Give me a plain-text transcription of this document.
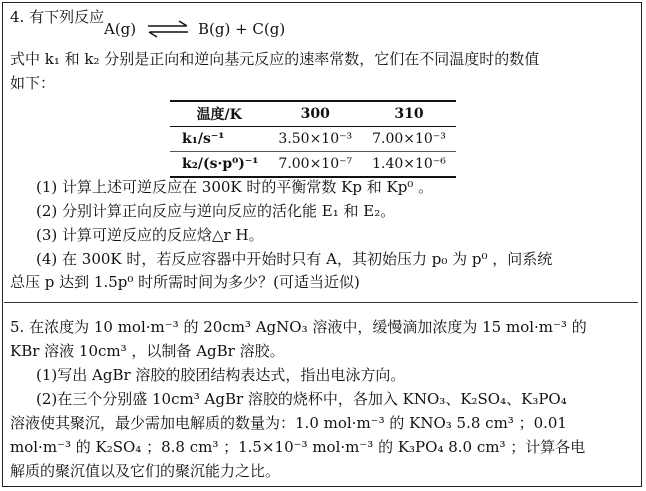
4. 有下列反应
A(g) ⇌ B(g) + C(g)
式中 k₁ 和 k₂ 分别是正向和逆向基元反应的速率常数，它们在不同温度时的数值
如下：
温度/K	300	310
k₁/s⁻¹	3.50×10⁻³	7.00×10⁻³
k₂/(s·p⁰)⁻¹	7.00×10⁻⁷	1.40×10⁻⁶
(1) 计算上述可逆反应在 300K 时的平衡常数 Kp 和 Kp⁰ 。
(2) 分别计算正向反应与逆向反应的活化能 E₁ 和 E₂。
(3) 计算可逆反应的反应焓△r H。
(4) 在 300K 时，若反应容器中开始时只有 A，其初始压力 p₀ 为 p⁰ ，问系统
总压 p 达到 1.5p⁰ 时所需时间为多少？(可适当近似)
5. 在浓度为 10 mol·m⁻³ 的 20cm³ AgNO₃ 溶液中，缓慢滴加浓度为 15 mol·m⁻³ 的
KBr 溶液 10cm³ ，以制备 AgBr 溶胶。
(1)写出 AgBr 溶胶的胶团结构表达式，指出电泳方向。
(2)在三个分别盛 10cm³ AgBr 溶胶的烧杯中，各加入 KNO₃、K₂SO₄、K₃PO₄
溶液使其聚沉，最少需加电解质的数量为：1.0 mol·m⁻³ 的 KNO₃ 5.8 cm³ ；0.01
mol·m⁻³ 的 K₂SO₄ ；8.8 cm³ ；1.5×10⁻³ mol·m⁻³ 的 K₃PO₄ 8.0 cm³ ；计算各电
解质的聚沉值以及它们的聚沉能力之比。
